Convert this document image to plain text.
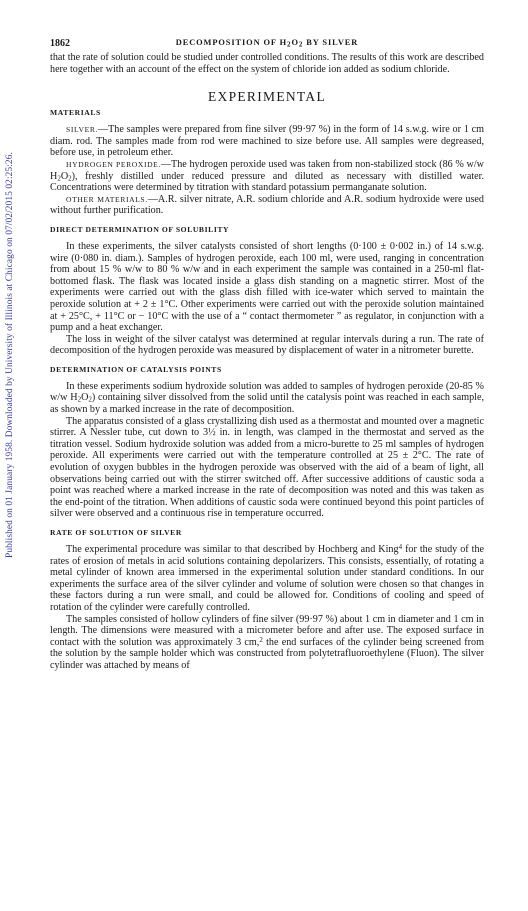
Published on 01 January 1958. Downloaded by University of Illinois at Chicago on 07/02/2015 02:25:26.
1862	DECOMPOSITION OF $H_2O_2$ BY SILVER

that the rate of solution could be studied under controlled conditions. The results of this work are described here together with an account of the effect on the system of chloride ion added as sodium chloride.

EXPERIMENTAL
MATERIALS

SILVER.—The samples were prepared from fine silver (99·97 %) in the form of 14 s.w.g. wire or 1 cm diam. rod. The samples made from rod were machined to size before use. All samples were degreased, before use, in petroleum ether.

HYDROGEN PEROXIDE.—The hydrogen peroxide used was taken from non-stabilized stock (86 % w/w $H_2O_2$), freshly distilled under reduced pressure and diluted as necessary with distilled water. Concentrations were determined by titration with standard potassium permanganate solution.

OTHER MATERIALS.—A.R. silver nitrate, A.R. sodium chloride and A.R. sodium hydroxide were used without further purification.

DIRECT DETERMINATION OF SOLUBILITY

In these experiments, the silver catalysts consisted of short lengths (0·100 ± 0·002 in.) of 14 s.w.g. wire (0·080 in. diam.). Samples of hydrogen peroxide, each 100 ml, were used, ranging in concentration from about 15 % w/w to 80 % w/w and in each experiment the sample was contained in a 250-ml flat-bottomed flask. The flask was located inside a glass dish standing on a magnetic stirrer. Most of the experiments were carried out with the glass dish filled with ice-water which served to maintain the peroxide solution at + 2 ± 1°C. Other experiments were carried out with the peroxide solution maintained at + 25°C, + 11°C or − 10°C with the use of a “ contact thermometer ” as regulator, in conjunction with a pump and a heat exchanger.

The loss in weight of the silver catalyst was determined at regular intervals during a run. The rate of decomposition of the hydrogen peroxide was measured by displacement of water in a nitrometer burette.

DETERMINATION OF CATALYSIS POINTS

In these experiments sodium hydroxide solution was added to samples of hydrogen peroxide (20-85 % w/w $H_2O_2$) containing silver dissolved from the solid until the catalysis point was reached in each sample, as shown by a marked increase in the rate of decomposition.

The apparatus consisted of a glass crystallizing dish used as a thermostat and mounted over a magnetic stirrer. A Nessler tube, cut down to 3½ in. in length, was clamped in the thermostat and served as the titration vessel. Sodium hydroxide solution was added from a micro-burette to 25 ml samples of hydrogen peroxide. All experiments were carried out with the temperature controlled at 25 ± 2°C. The rate of evolution of oxygen bubbles in the hydrogen peroxide was observed with the aid of a beam of light, all observations being carried out with the stirrer switched off. After successive additions of caustic soda a point was reached where a marked increase in the rate of decomposition was noted and this was taken as the end-point of the titration. When additions of caustic soda were continued beyond this point particles of silver were observed and a continuous rise in temperature occurred.

RATE OF SOLUTION OF SILVER

The experimental procedure was similar to that described by Hochberg and King$^4$ for the study of the rates of erosion of metals in acid solutions containing depolarizers. This consists, essentially, of rotating a metal cylinder of known area immersed in the experimental solution under standard conditions. In our experiments the surface area of the silver cylinder and volume of solution were chosen so that changes in these factors during a run were small, and could be allowed for. Conditions of cooling and speed of rotation of the cylinder were carefully controlled.

The samples consisted of hollow cylinders of fine silver (99·97 %) about 1 cm in diameter and 1 cm in length. The dimensions were measured with a micrometer before and after use. The exposed surface in contact with the solution was approximately 3 cm,$^2$ the end surfaces of the cylinder being screened from the solution by the sample holder which was constructed from polytetrafluoroethylene (Fluon). The silver cylinder was attached by means of
